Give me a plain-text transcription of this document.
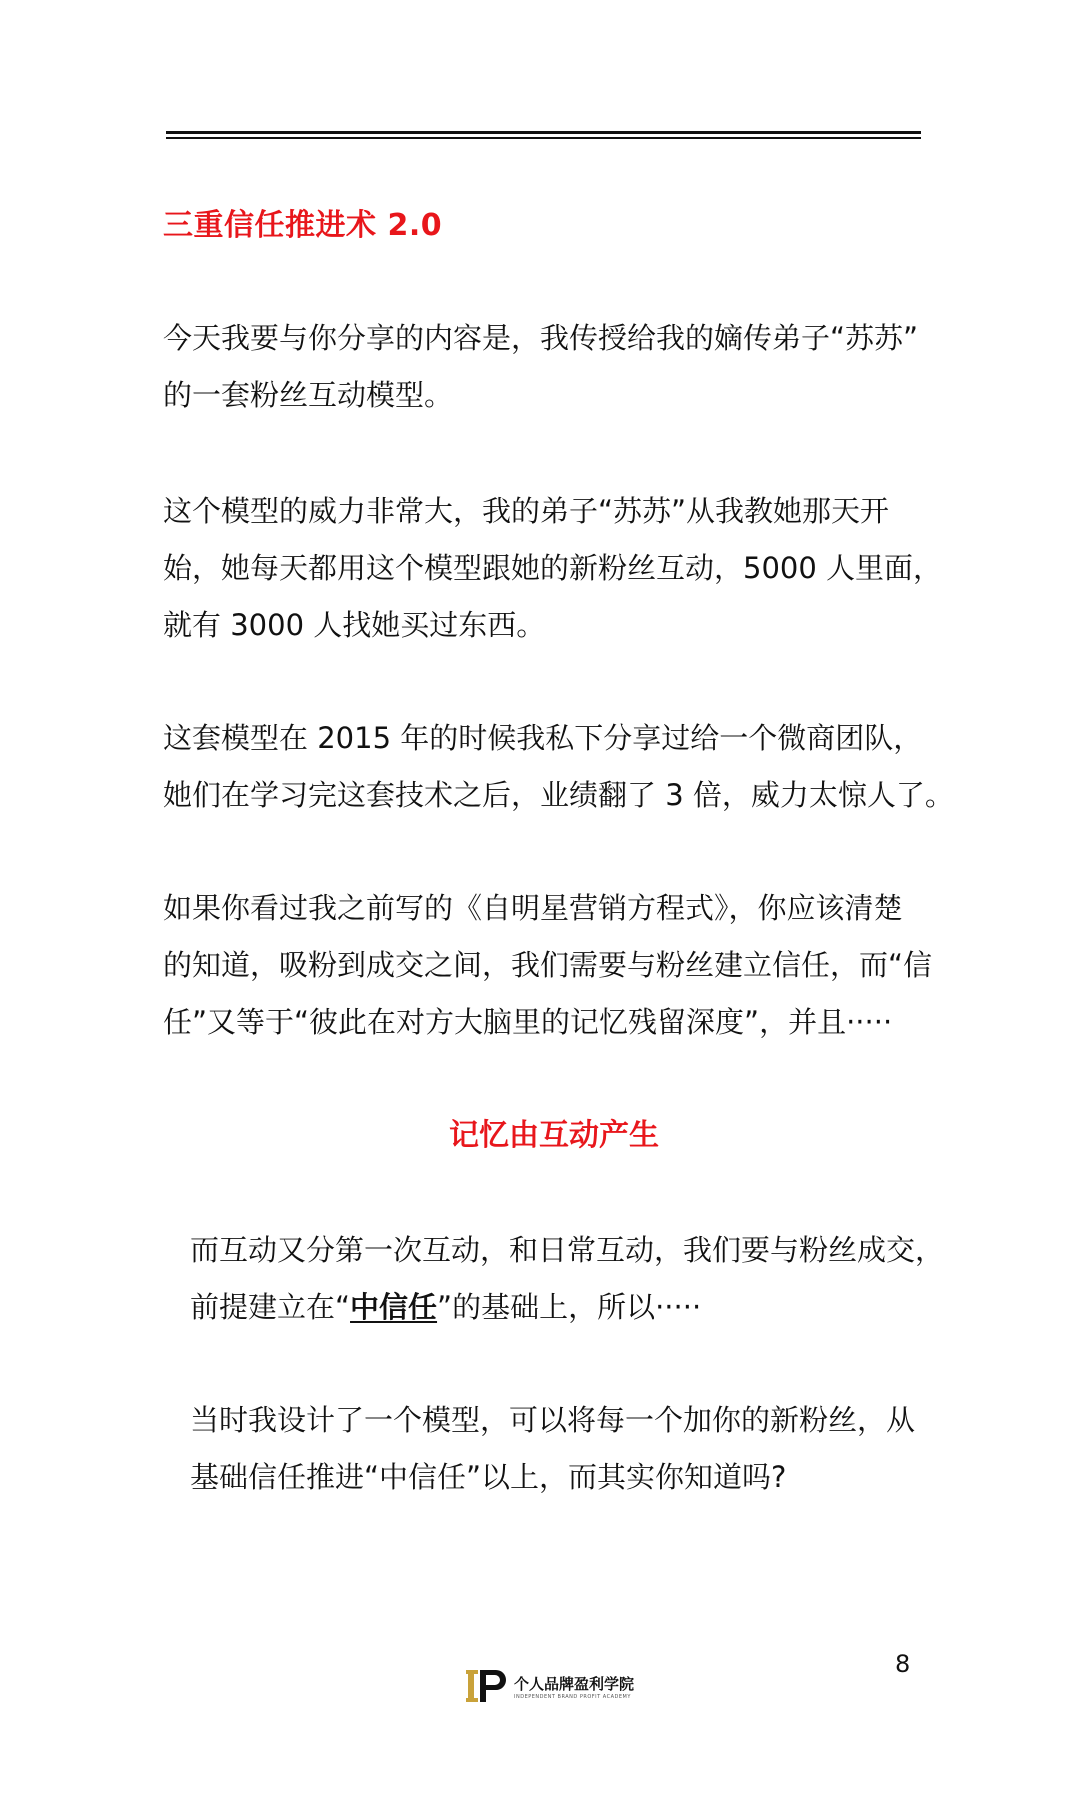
三重信任推进术 2.0

今天我要与你分享的内容是，我传授给我的嫡传弟子“苏苏”

的一套粉丝互动模型。

这个模型的威力非常大，我的弟子“苏苏”从我教她那天开

始，她每天都用这个模型跟她的新粉丝互动，5000 人里面，

就有 3000 人找她买过东西。

这套模型在 2015 年的时候我私下分享过给一个微商团队，

她们在学习完这套技术之后，业绩翻了 3 倍，威力太惊人了。

如果你看过我之前写的《自明星营销方程式》，你应该清楚

的知道，吸粉到成交之间，我们需要与粉丝建立信任，而“信

任”又等于“彼此在对方大脑里的记忆残留深度”，并且·····

记忆由互动产生

而互动又分第一次互动，和日常互动，我们要与粉丝成交，

前提建立在“中信任”的基础上，所以·····

当时我设计了一个模型，可以将每一个加你的新粉丝，从

基础信任推进“中信任”以上，而其实你知道吗?

个人品牌盈利学院
INDEPENDENT BRAND PROFIT ACADEMY
8
